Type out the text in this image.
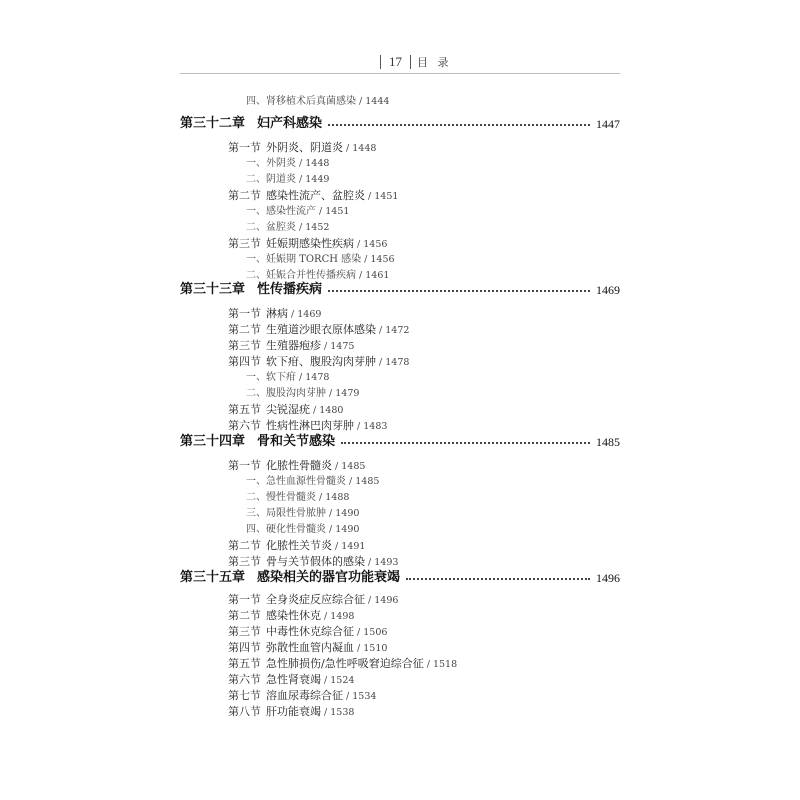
17	目 录
四、肾移植术后真菌感染 / 1444
第三十二章 妇产科感染	1447
第一节 外阴炎、阴道炎 / 1448
一、外阴炎 / 1448
二、阴道炎 / 1449
第二节 感染性流产、盆腔炎 / 1451
一、感染性流产 / 1451
二、盆腔炎 / 1452
第三节 妊娠期感染性疾病 / 1456
一、妊娠期 TORCH 感染 / 1456
二、妊娠合并性传播疾病 / 1461
第三十三章 性传播疾病	1469
第一节 淋病 / 1469
第二节 生殖道沙眼衣原体感染 / 1472
第三节 生殖器疱疹 / 1475
第四节 软下疳、腹股沟肉芽肿 / 1478
一、软下疳 / 1478
二、腹股沟肉芽肿 / 1479
第五节 尖锐湿疣 / 1480
第六节 性病性淋巴肉芽肿 / 1483
第三十四章 骨和关节感染	1485
第一节 化脓性骨髓炎 / 1485
一、急性血源性骨髓炎 / 1485
二、慢性骨髓炎 / 1488
三、局限性骨脓肿 / 1490
四、硬化性骨髓炎 / 1490
第二节 化脓性关节炎 / 1491
第三节 骨与关节假体的感染 / 1493
第三十五章 感染相关的器官功能衰竭	1496
第一节 全身炎症反应综合征 / 1496
第二节 感染性休克 / 1498
第三节 中毒性休克综合征 / 1506
第四节 弥散性血管内凝血 / 1510
第五节 急性肺损伤/急性呼吸窘迫综合征 / 1518
第六节 急性肾衰竭 / 1524
第七节 溶血尿毒综合征 / 1534
第八节 肝功能衰竭 / 1538
